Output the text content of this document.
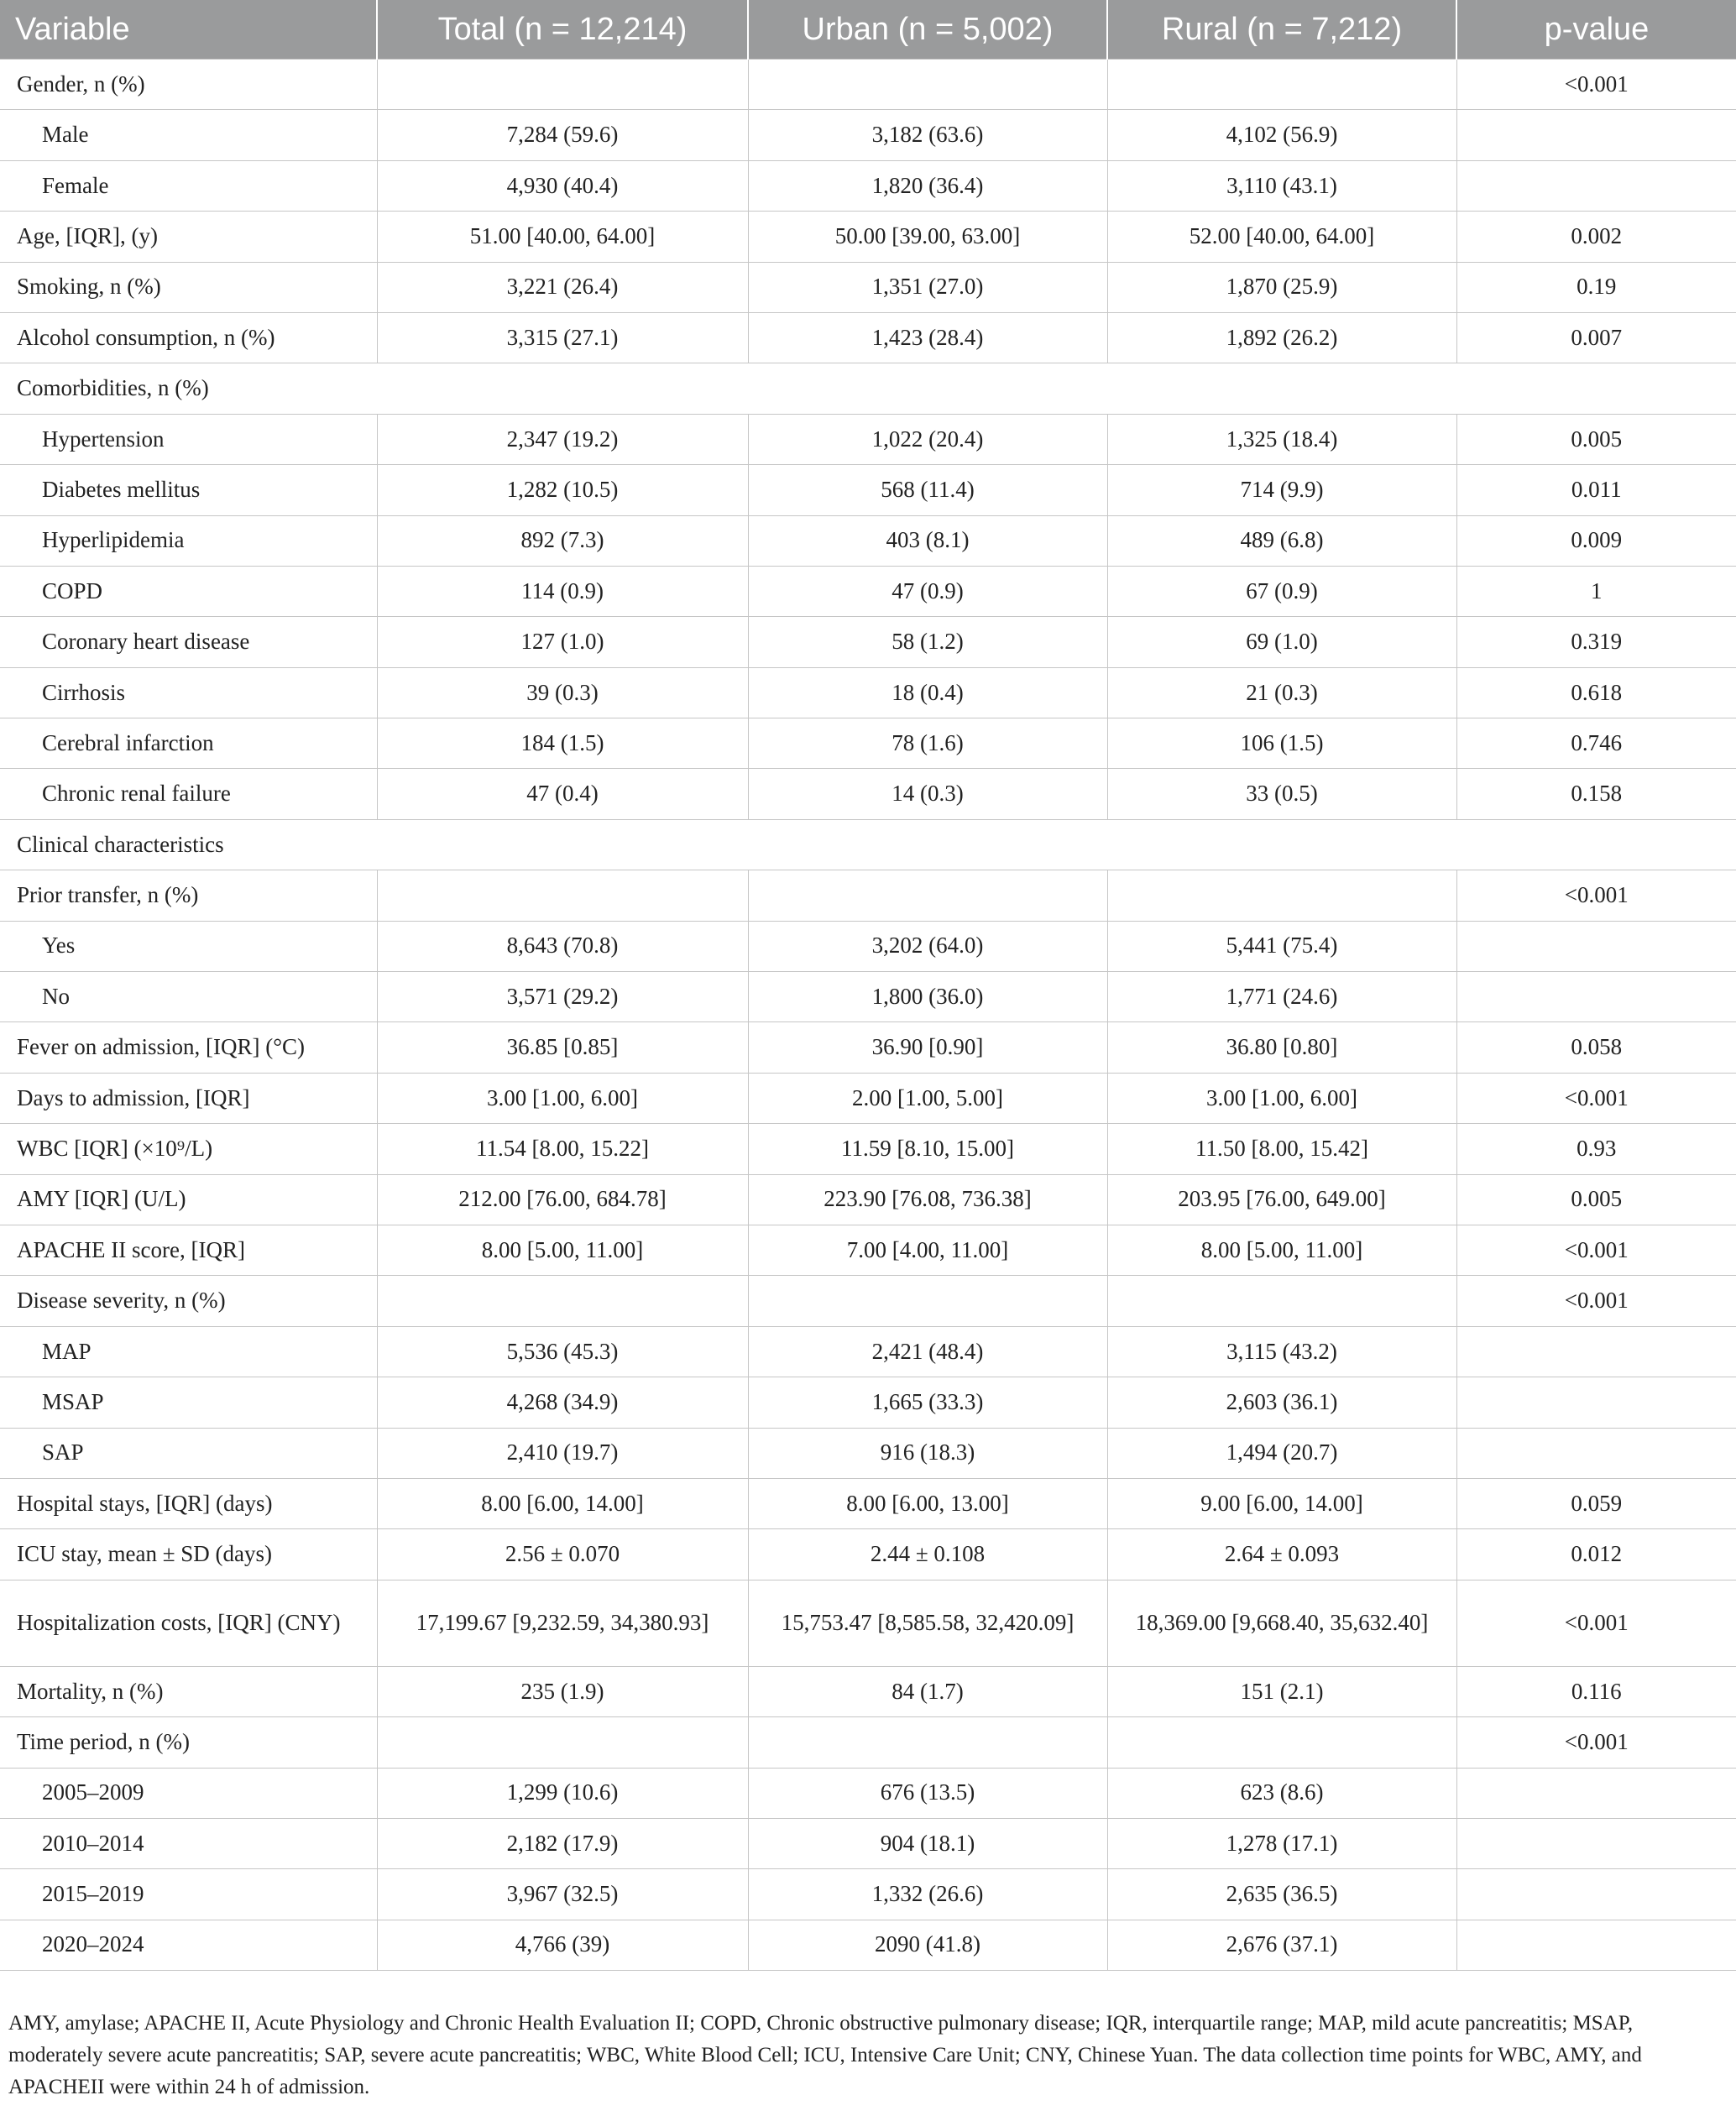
Variable	Total (n = 12,214)	Urban (n = 5,002)	Rural (n = 7,212)	p-value
Gender, n (%)				<0.001
Male	7,284 (59.6)	3,182 (63.6)	4,102 (56.9)	
Female	4,930 (40.4)	1,820 (36.4)	3,110 (43.1)	
Age, [IQR], (y)	51.00 [40.00, 64.00]	50.00 [39.00, 63.00]	52.00 [40.00, 64.00]	0.002
Smoking, n (%)	3,221 (26.4)	1,351 (27.0)	1,870 (25.9)	0.19
Alcohol consumption, n (%)	3,315 (27.1)	1,423 (28.4)	1,892 (26.2)	0.007
Comorbidities, n (%)				
Hypertension	2,347 (19.2)	1,022 (20.4)	1,325 (18.4)	0.005
Diabetes mellitus	1,282 (10.5)	568 (11.4)	714 (9.9)	0.011
Hyperlipidemia	892 (7.3)	403 (8.1)	489 (6.8)	0.009
COPD	114 (0.9)	47 (0.9)	67 (0.9)	1
Coronary heart disease	127 (1.0)	58 (1.2)	69 (1.0)	0.319
Cirrhosis	39 (0.3)	18 (0.4)	21 (0.3)	0.618
Cerebral infarction	184 (1.5)	78 (1.6)	106 (1.5)	0.746
Chronic renal failure	47 (0.4)	14 (0.3)	33 (0.5)	0.158
Clinical characteristics				
Prior transfer, n (%)				<0.001
Yes	8,643 (70.8)	3,202 (64.0)	5,441 (75.4)	
No	3,571 (29.2)	1,800 (36.0)	1,771 (24.6)	
Fever on admission, [IQR] (°C)	36.85 [0.85]	36.90 [0.90]	36.80 [0.80]	0.058
Days to admission, [IQR]	3.00 [1.00, 6.00]	2.00 [1.00, 5.00]	3.00 [1.00, 6.00]	<0.001
WBC [IQR] (×10⁹/L)	11.54 [8.00, 15.22]	11.59 [8.10, 15.00]	11.50 [8.00, 15.42]	0.93
AMY [IQR] (U/L)	212.00 [76.00, 684.78]	223.90 [76.08, 736.38]	203.95 [76.00, 649.00]	0.005
APACHE II score, [IQR]	8.00 [5.00, 11.00]	7.00 [4.00, 11.00]	8.00 [5.00, 11.00]	<0.001
Disease severity, n (%)				<0.001
MAP	5,536 (45.3)	2,421 (48.4)	3,115 (43.2)	
MSAP	4,268 (34.9)	1,665 (33.3)	2,603 (36.1)	
SAP	2,410 (19.7)	916 (18.3)	1,494 (20.7)	
Hospital stays, [IQR] (days)	8.00 [6.00, 14.00]	8.00 [6.00, 13.00]	9.00 [6.00, 14.00]	0.059
ICU stay, mean ± SD (days)	2.56 ± 0.070	2.44 ± 0.108	2.64 ± 0.093	0.012
Hospitalization costs, [IQR] (CNY)	17,199.67 [9,232.59, 34,380.93]	15,753.47 [8,585.58, 32,420.09]	18,369.00 [9,668.40, 35,632.40]	<0.001
Mortality, n (%)	235 (1.9)	84 (1.7)	151 (2.1)	0.116
Time period, n (%)				<0.001
2005–2009	1,299 (10.6)	676 (13.5)	623 (8.6)	
2010–2014	2,182 (17.9)	904 (18.1)	1,278 (17.1)	
2015–2019	3,967 (32.5)	1,332 (26.6)	2,635 (36.5)	
2020–2024	4,766 (39)	2090 (41.8)	2,676 (37.1)	
AMY, amylase; APACHE II, Acute Physiology and Chronic Health Evaluation II; COPD, Chronic obstructive pulmonary disease; IQR, interquartile range; MAP, mild acute pancreatitis; MSAP, moderately severe acute pancreatitis; SAP, severe acute pancreatitis; WBC, White Blood Cell; ICU, Intensive Care Unit; CNY, Chinese Yuan. The data collection time points for WBC, AMY, and APACHEII were within 24 h of admission.
